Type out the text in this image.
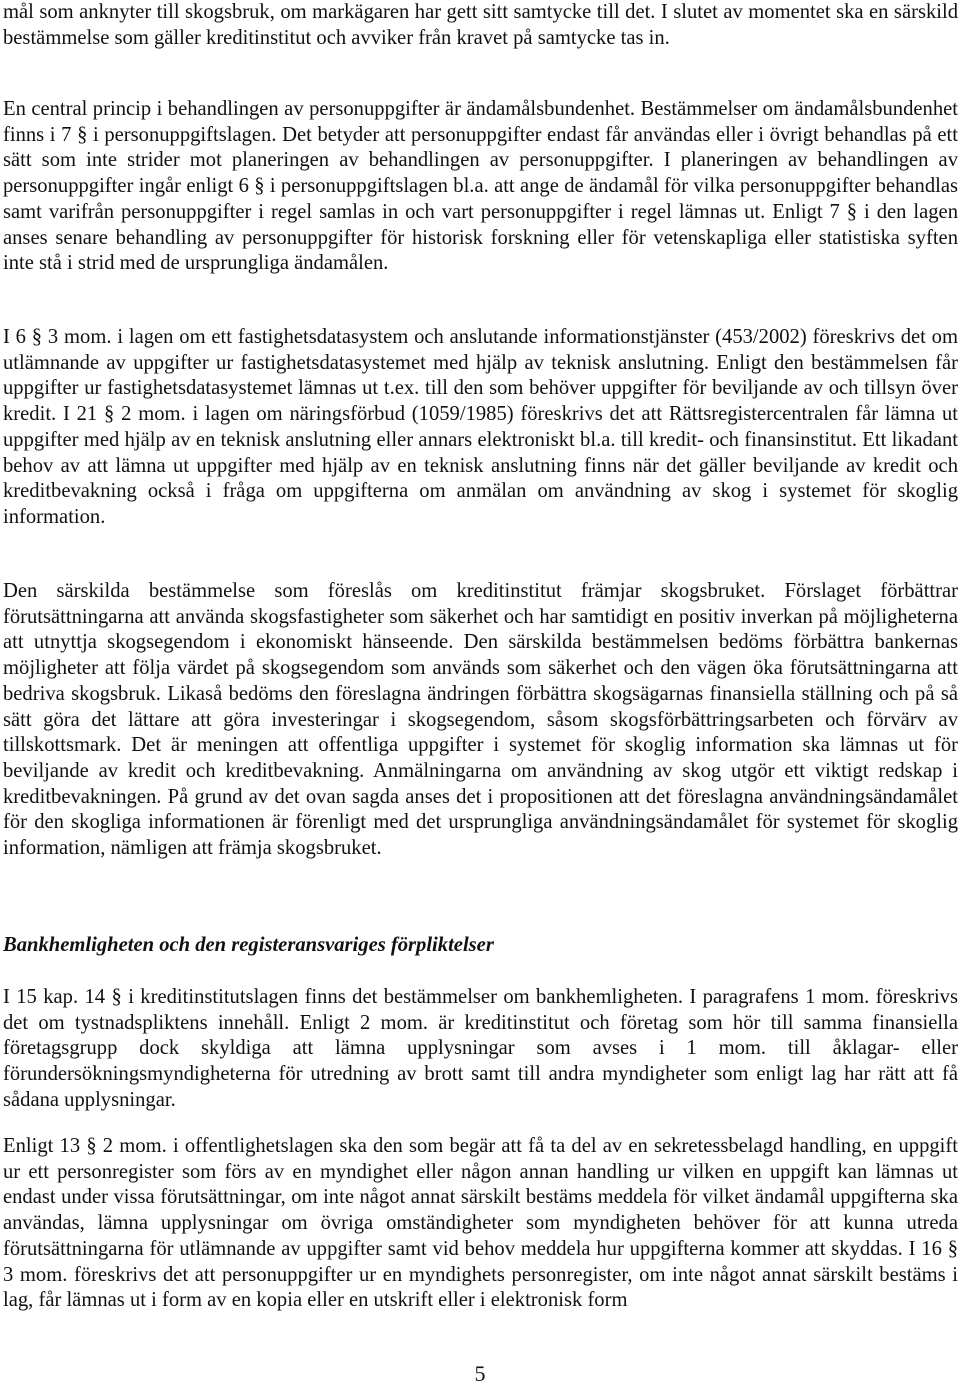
mål som anknyter till skogsbruk, om markägaren har gett sitt samtycke till det. I slutet av momentet ska en särskild bestämmelse som gäller kreditinstitut och avviker från kravet på samtycke tas in.

En central princip i behandlingen av personuppgifter är ändamålsbundenhet. Bestämmelser om ändamålsbundenhet finns i 7 § i personuppgiftslagen. Det betyder att personuppgifter endast får användas eller i övrigt behandlas på ett sätt som inte strider mot planeringen av behandlingen av personuppgifter. I planeringen av behandlingen av personuppgifter ingår enligt 6 § i personuppgiftslagen bl.a. att ange de ändamål för vilka personuppgifter behandlas samt varifrån personuppgifter i regel samlas in och vart personuppgifter i regel lämnas ut. Enligt 7 § i den lagen anses senare behandling av personuppgifter för historisk forskning eller för vetenskapliga eller statistiska syften inte stå i strid med de ursprungliga ändamålen.

I 6 § 3 mom. i lagen om ett fastighetsdatasystem och anslutande informationstjänster (453/2002) föreskrivs det om utlämnande av uppgifter ur fastighetsdatasystemet med hjälp av teknisk anslutning. Enligt den bestämmelsen får uppgifter ur fastighetsdatasystemet lämnas ut t.ex. till den som behöver uppgifter för beviljande av och tillsyn över kredit. I 21 § 2 mom. i lagen om näringsförbud (1059/1985) föreskrivs det att Rättsregistercentralen får lämna ut uppgifter med hjälp av en teknisk anslutning eller annars elektroniskt bl.a. till kredit- och finansinstitut. Ett likadant behov av att lämna ut uppgifter med hjälp av en teknisk anslutning finns när det gäller beviljande av kredit och kreditbevakning också i fråga om uppgifterna om anmälan om användning av skog i systemet för skoglig information.

Den särskilda bestämmelse som föreslås om kreditinstitut främjar skogsbruket. Förslaget förbättrar förutsättningarna att använda skogsfastigheter som säkerhet och har samtidigt en positiv inverkan på möjligheterna att utnyttja skogsegendom i ekonomiskt hänseende. Den särskilda bestämmelsen bedöms förbättra bankernas möjligheter att följa värdet på skogsegendom som används som säkerhet och den vägen öka förutsättningarna att bedriva skogsbruk. Likaså bedöms den föreslagna ändringen förbättra skogsägarnas finansiella ställning och på så sätt göra det lättare att göra investeringar i skogsegendom, såsom skogsförbättringsarbeten och förvärv av tillskottsmark. Det är meningen att offentliga uppgifter i systemet för skoglig information ska lämnas ut för beviljande av kredit och kreditbevakning. Anmälningarna om användning av skog utgör ett viktigt redskap i kreditbevakningen. På grund av det ovan sagda anses det i propositionen att det föreslagna användningsändamålet för den skogliga informationen är förenligt med det ursprungliga användningsändamålet för systemet för skoglig information, nämligen att främja skogsbruket.

Bankhemligheten och den registeransvariges förpliktelser

I 15 kap. 14 § i kreditinstitutslagen finns det bestämmelser om bankhemligheten. I paragrafens 1 mom. föreskrivs det om tystnadspliktens innehåll. Enligt 2 mom. är kreditinstitut och företag som hör till samma finansiella företagsgrupp dock skyldiga att lämna upplysningar som avses i 1 mom. till åklagar- eller förundersökningsmyndigheterna för utredning av brott samt till andra myndigheter som enligt lag har rätt att få sådana upplysningar.

Enligt 13 § 2 mom. i offentlighetslagen ska den som begär att få ta del av en sekretessbelagd handling, en uppgift ur ett personregister som förs av en myndighet eller någon annan handling ur vilken en uppgift kan lämnas ut endast under vissa förutsättningar, om inte något annat särskilt bestäms meddela för vilket ändamål uppgifterna ska användas, lämna upplysningar om övriga omständigheter som myndigheten behöver för att kunna utreda förutsättningarna för utlämnande av uppgifter samt vid behov meddela hur uppgifterna kommer att skyddas. I 16 § 3 mom. föreskrivs det att personuppgifter ur en myndighets personregister, om inte något annat särskilt bestäms i lag, får lämnas ut i form av en kopia eller en utskrift eller i elektronisk form

5
